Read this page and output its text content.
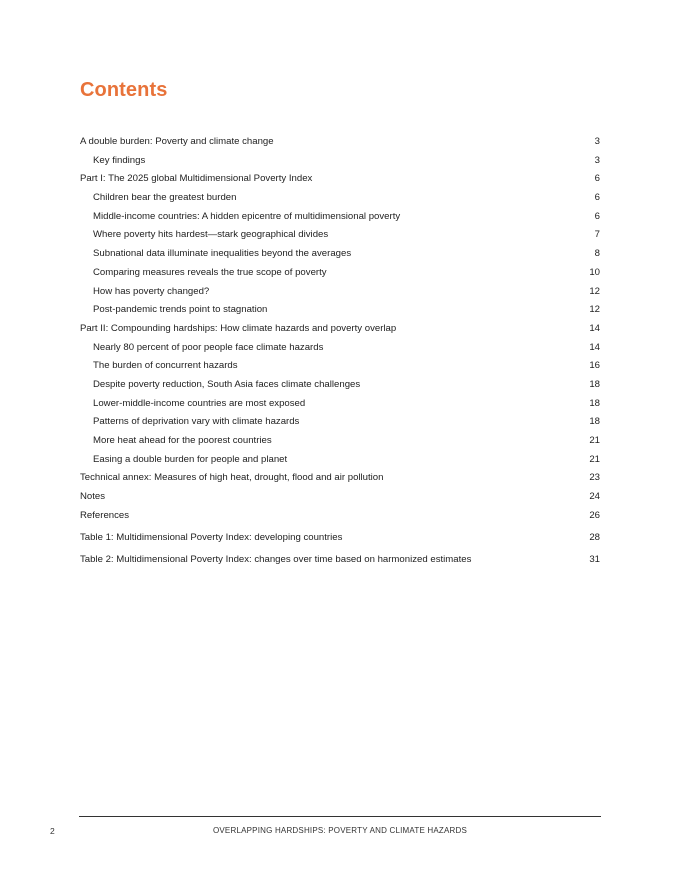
Contents
A double burden: Poverty and climate change	3
Key findings	3
Part I: The 2025 global Multidimensional Poverty Index	6
Children bear the greatest burden	6
Middle-income countries: A hidden epicentre of multidimensional poverty	6
Where poverty hits hardest—stark geographical divides	7
Subnational data illuminate inequalities beyond the averages	8
Comparing measures reveals the true scope of poverty	10
How has poverty changed?	12
Post-pandemic trends point to stagnation	12
Part II: Compounding hardships: How climate hazards and poverty overlap	14
Nearly 80 percent of poor people face climate hazards	14
The burden of concurrent hazards	16
Despite poverty reduction, South Asia faces climate challenges	18
Lower-middle-income countries are most exposed	18
Patterns of deprivation vary with climate hazards	18
More heat ahead for the poorest countries	21
Easing a double burden for people and planet	21
Technical annex: Measures of high heat, drought, flood and air pollution	23
Notes	24
References	26
Table 1: Multidimensional Poverty Index: developing countries	28
Table 2: Multidimensional Poverty Index: changes over time based on harmonized estimates	31
2	OVERLAPPING HARDSHIPS: POVERTY AND CLIMATE HAZARDS
